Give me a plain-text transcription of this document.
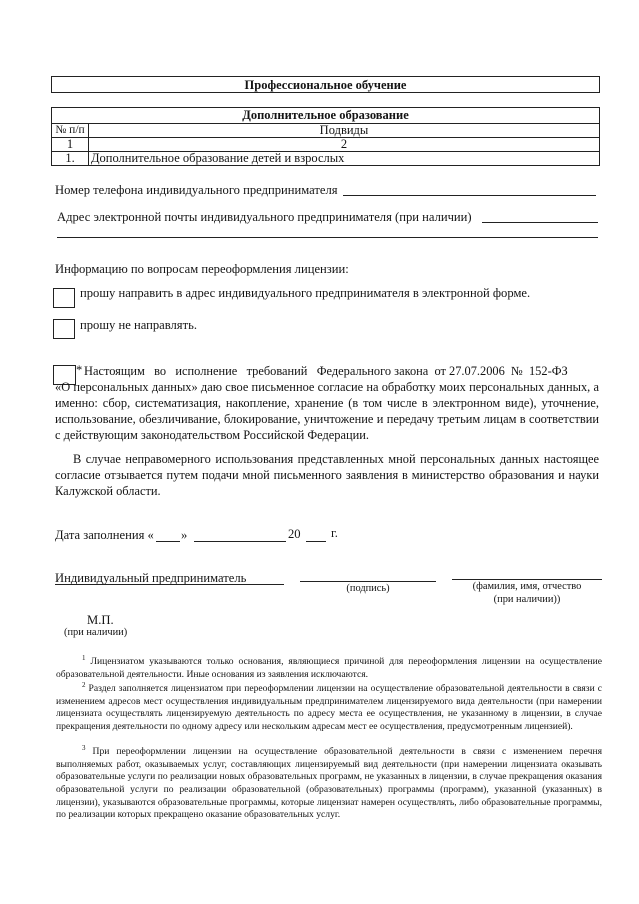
Профессиональное обучение
Дополнительное образование	
№ п/п	Подвиды
1	2
1.	Дополнительное образование детей и взрослых
Номер телефона индивидуального предпринимателя
Адрес электронной почты индивидуального предпринимателя (при наличии)
Информацию по вопросам переоформления лицензии:
прошу направить в адрес индивидуального предпринимателя в электронной форме.
прошу не направлять.
* Настоящим   во   исполнение   требований   Федерального закона  от 27.07.2006  №  152-ФЗ
«О персональных данных» даю свое письменное согласие на обработку моих персональных данных, а именно: сбор, систематизация, накопление, хранение (в том числе в электронном виде), уточнение, использование, обезличивание, блокирование, уничтожение и передачу третьим лицам в соответствии с действующим законодательством Российской Федерации.
В случае неправомерного использования представленных мной персональных данных настоящее согласие отзывается путем подачи мной письменного заявления в министерство образования и науки Калужской области.
Дата заполнения « »	20 г.
Индивидуальный предприниматель
(подпись)	(фамилия, имя, отчество
(при наличии))
М.П.
(при наличии)
$^1$ Лицензиатом указываются только основания, являющиеся причиной для переоформления лицензии на осуществление образовательной деятельности. Иные основания из заявления исключаются.
$^2$ Раздел заполняется лицензиатом при переоформлении лицензии на осуществление образовательной деятельности в связи с изменением адресов мест осуществления индивидуальным предпринимателем лицензируемого вида деятельности (при намерении лицензиата осуществлять лицензируемую деятельность по адресу места ее осуществления, не указанному в лицензии, в случае прекращения деятельности по одному адресу или нескольким адресам мест ее осуществления, предусмотренным лицензией).
$^3$ При переоформлении лицензии на осуществление образовательной деятельности в связи с изменением перечня выполняемых работ, оказываемых услуг, составляющих лицензируемый вид деятельности (при намерении лицензиата оказывать образовательные услуги по реализации новых образовательных программ, не указанных в лицензии, в случае прекращения оказания образовательной услуги по реализации образовательной (образовательных) программы (программ), указанной (указанных) в лицензии), указываются образовательные программы, которые лицензиат намерен осуществлять, либо образовательные программы, по реализации которых прекращено оказание образовательных услуг.
